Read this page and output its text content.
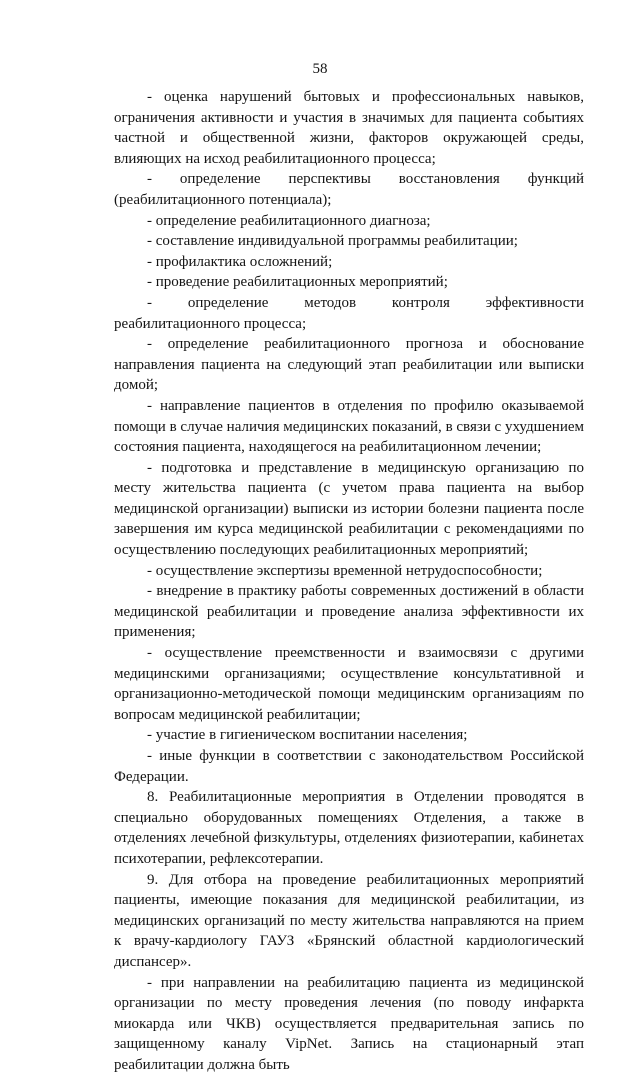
58

- оценка нарушений бытовых и профессиональных навыков, ограничения активности и участия в значимых для пациента событиях частной и общественной жизни, факторов окружающей среды, влияющих на исход реабилитационного процесса;

- определение перспективы восстановления функций (реабилитационного потенциала);

- определение реабилитационного диагноза;

- составление индивидуальной программы реабилитации;

- профилактика осложнений;

- проведение реабилитационных мероприятий;

- определение методов контроля эффективности реабилитационного процесса;

- определение реабилитационного прогноза и обоснование направления пациента на следующий этап реабилитации или выписки домой;

- направление пациентов в отделения по профилю оказываемой помощи в случае наличия медицинских показаний, в связи с ухудшением состояния пациента, находящегося на реабилитационном лечении;

- подготовка и представление в медицинскую организацию по месту жительства пациента (с учетом права пациента на выбор медицинской организации) выписки из истории болезни пациента после завершения им курса медицинской реабилитации с рекомендациями по осуществлению последующих реабилитационных мероприятий;

- осуществление экспертизы временной нетрудоспособности;

- внедрение в практику работы современных достижений в области медицинской реабилитации и проведение анализа эффективности их применения;

- осуществление преемственности и взаимосвязи с другими медицинскими организациями; осуществление консультативной и организационно-методической помощи медицинским организациям по вопросам медицинской реабилитации;

- участие в гигиеническом воспитании населения;

- иные функции в соответствии с законодательством Российской Федерации.

8. Реабилитационные мероприятия в Отделении проводятся в специально оборудованных помещениях Отделения, а также в отделениях лечебной физкультуры, отделениях физиотерапии, кабинетах психотерапии, рефлексотерапии.

9. Для отбора на проведение реабилитационных мероприятий пациенты, имеющие показания для медицинской реабилитации, из медицинских организаций по месту жительства направляются на прием к врачу-кардиологу ГАУЗ «Брянский областной кардиологический диспансер».

- при направлении на реабилитацию пациента из медицинской организации по месту проведения лечения (по поводу инфаркта миокарда или ЧКВ) осуществляется предварительная запись по защищенному каналу VipNet. Запись на стационарный этап реабилитации должна быть
